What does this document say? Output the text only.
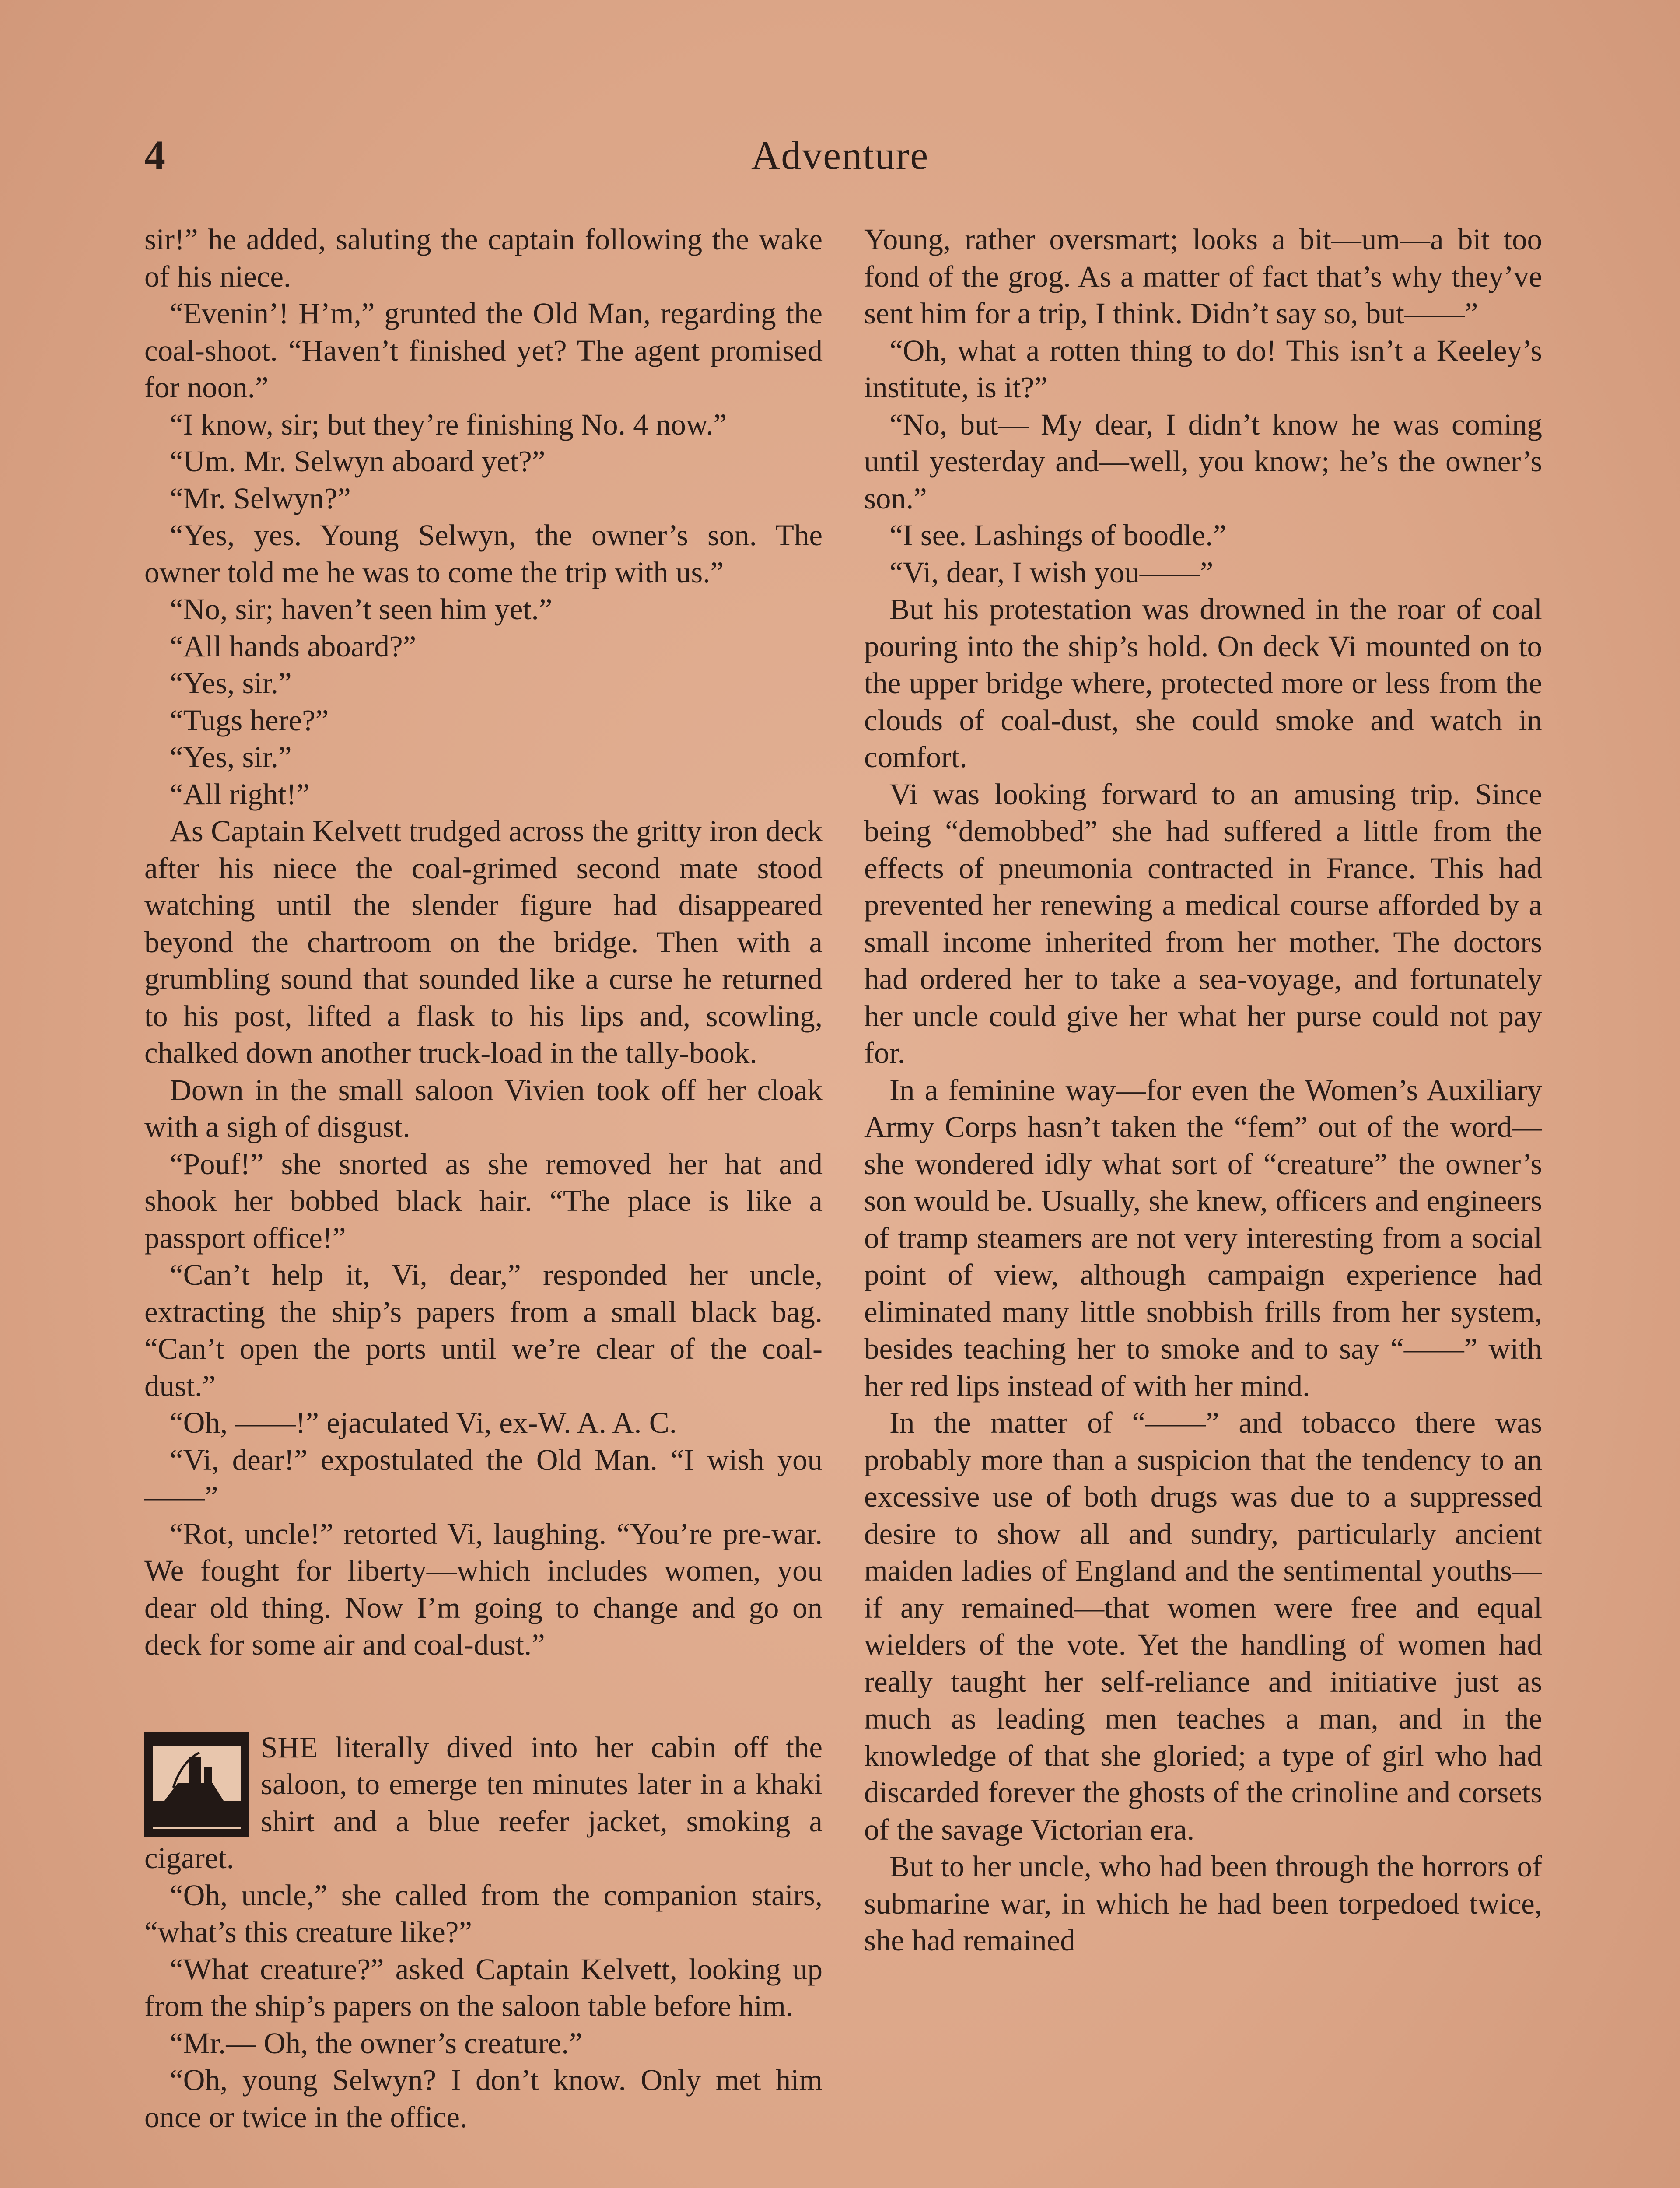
4	Adventure

sir!” he added, saluting the captain following the wake of his niece.

“Evenin’! H’m,” grunted the Old Man, regarding the coal-shoot. “Haven’t finished yet? The agent promised for noon.”

“I know, sir; but they’re finishing No. 4 now.”

“Um. Mr. Selwyn aboard yet?”

“Mr. Selwyn?”

“Yes, yes. Young Selwyn, the owner’s son. The owner told me he was to come the trip with us.”

“No, sir; haven’t seen him yet.”

“All hands aboard?”

“Yes, sir.”

“Tugs here?”

“Yes, sir.”

“All right!”

As Captain Kelvett trudged across the gritty iron deck after his niece the coal-grimed second mate stood watching until the slender figure had disappeared beyond the chartroom on the bridge. Then with a grumbling sound that sounded like a curse he returned to his post, lifted a flask to his lips and, scowling, chalked down another truck-load in the tally-book.

Down in the small saloon Vivien took off her cloak with a sigh of disgust.

“Pouf!” she snorted as she removed her hat and shook her bobbed black hair. “The place is like a passport office!”

“Can’t help it, Vi, dear,” responded her uncle, extracting the ship’s papers from a small black bag. “Can’t open the ports until we’re clear of the coal-dust.”

“Oh, ——!” ejaculated Vi, ex-W. A. A. C.

“Vi, dear!” expostulated the Old Man. “I wish you——”

“Rot, uncle!” retorted Vi, laughing. “You’re pre-war. We fought for liberty—which includes women, you dear old thing. Now I’m going to change and go on deck for some air and coal-dust.”

SHE literally dived into her cabin off the saloon, to emerge ten minutes later in a khaki shirt and a blue reefer jacket, smoking a cigaret.

“Oh, uncle,” she called from the companion stairs, “what’s this creature like?”

“What creature?” asked Captain Kelvett, looking up from the ship’s papers on the saloon table before him.

“Mr.— Oh, the owner’s creature.”

“Oh, young Selwyn? I don’t know. Only met him once or twice in the office.

Young, rather oversmart; looks a bit—um—a bit too fond of the grog. As a matter of fact that’s why they’ve sent him for a trip, I think. Didn’t say so, but——”

“Oh, what a rotten thing to do! This isn’t a Keeley’s institute, is it?”

“No, but— My dear, I didn’t know he was coming until yesterday and—well, you know; he’s the owner’s son.”

“I see. Lashings of boodle.”

“Vi, dear, I wish you——”

But his protestation was drowned in the roar of coal pouring into the ship’s hold. On deck Vi mounted on to the upper bridge where, protected more or less from the clouds of coal-dust, she could smoke and watch in comfort.

Vi was looking forward to an amusing trip. Since being “demobbed” she had suffered a little from the effects of pneumonia contracted in France. This had prevented her renewing a medical course afforded by a small income inherited from her mother. The doctors had ordered her to take a sea-voyage, and fortunately her uncle could give her what her purse could not pay for.

In a feminine way—for even the Women’s Auxiliary Army Corps hasn’t taken the “fem” out of the word—she wondered idly what sort of “creature” the owner’s son would be. Usually, she knew, officers and engineers of tramp steamers are not very interesting from a social point of view, although campaign experience had eliminated many little snobbish frills from her system, besides teaching her to smoke and to say “——” with her red lips instead of with her mind.

In the matter of “——” and tobacco there was probably more than a suspicion that the tendency to an excessive use of both drugs was due to a suppressed desire to show all and sundry, particularly ancient maiden ladies of England and the sentimental youths—if any remained—that women were free and equal wielders of the vote. Yet the handling of women had really taught her self-reliance and initiative just as much as leading men teaches a man, and in the knowledge of that she gloried; a type of girl who had discarded forever the ghosts of the crinoline and corsets of the savage Victorian era.

But to her uncle, who had been through the horrors of submarine war, in which he had been torpedoed twice, she had remained
